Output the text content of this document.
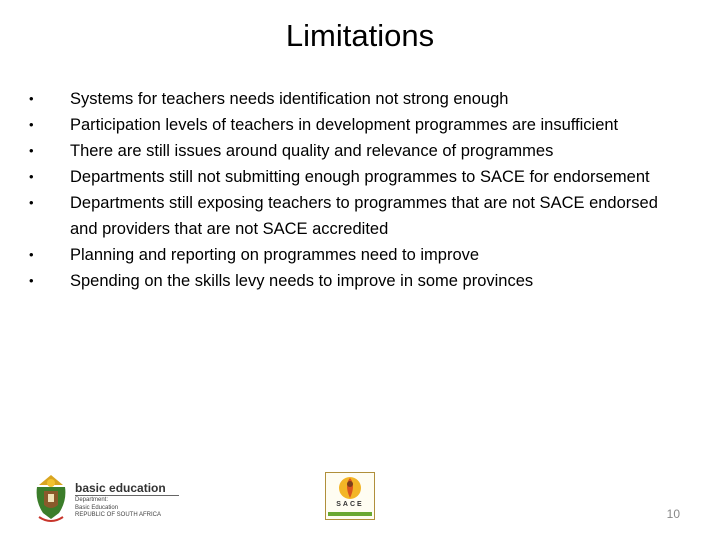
Limitations
• Systems for teachers needs identification not strong enough
• Participation levels of teachers in development programmes are insufficient
• There are still issues around quality and relevance of programmes
• Departments still not submitting enough programmes to SACE for endorsement
• Departments still exposing teachers to programmes that are not SACE endorsed and providers that are not SACE accredited
• Planning and reporting on programmes need to improve
• Spending on the skills levy needs to improve in some provinces
basic education
Department:
Basic Education
REPUBLIC OF SOUTH AFRICA
SACE
10
